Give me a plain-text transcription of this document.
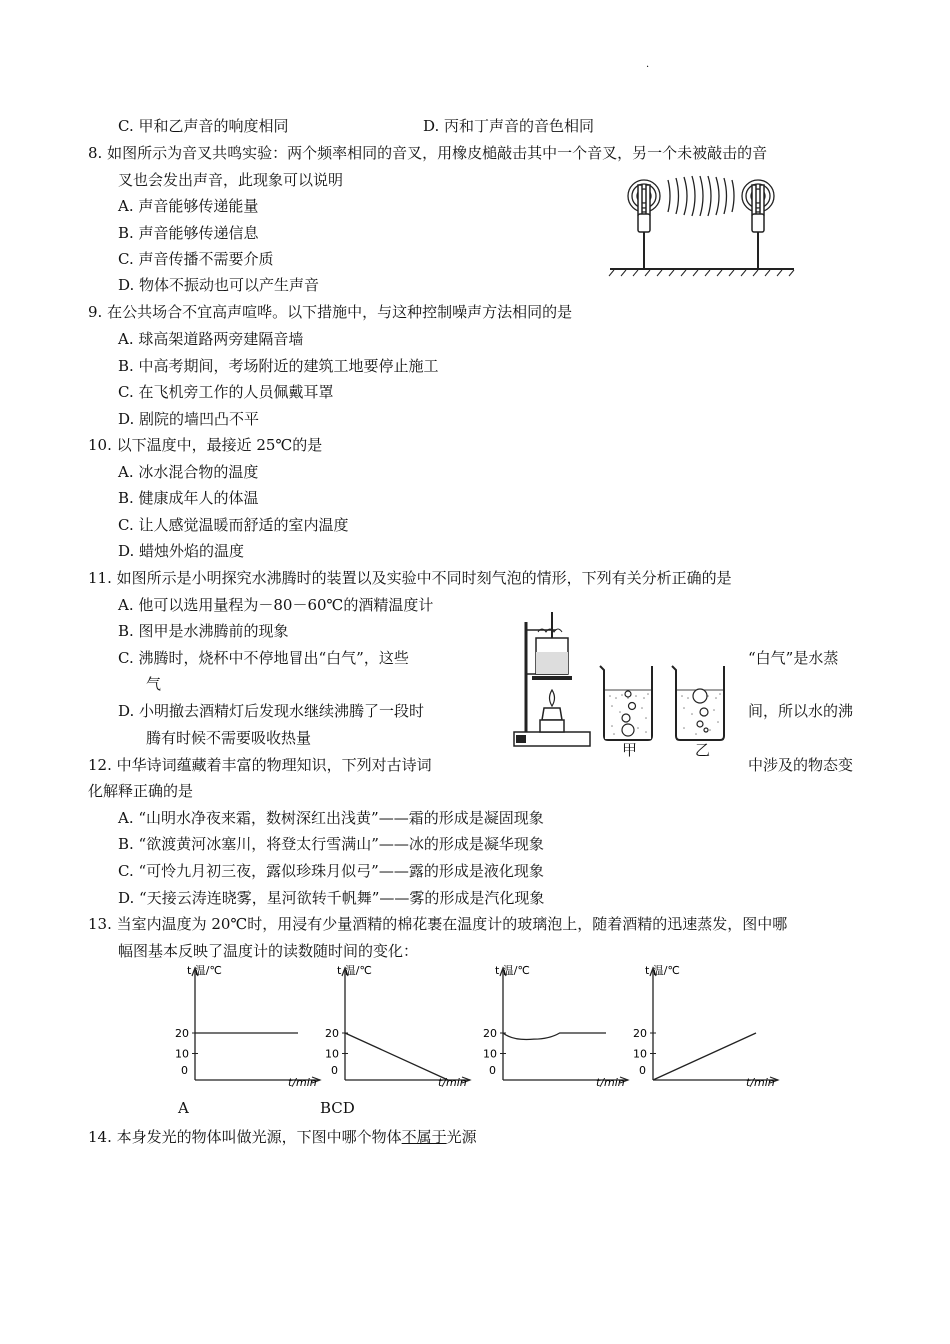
·
C. 甲和乙声音的响度相同	D. 丙和丁声音的音色相同
8. 如图所示为音叉共鸣实验：两个频率相同的音叉，用橡皮槌敲击其中一个音叉，另一个未被敲击的音
叉也会发出声音，此现象可以说明
A. 声音能够传递能量
B. 声音能够传递信息
C. 声音传播不需要介质
D. 物体不振动也可以产生声音
9. 在公共场合不宜高声喧哗。以下措施中，与这种控制噪声方法相同的是
A. 球高架道路两旁建隔音墙
B. 中高考期间，考场附近的建筑工地要停止施工
C. 在飞机旁工作的人员佩戴耳罩
D. 剧院的墙凹凸不平
10. 以下温度中，最接近 25℃的是
A. 冰水混合物的温度
B. 健康成年人的体温
C. 让人感觉温暖而舒适的室内温度
D. 蜡烛外焰的温度
11. 如图所示是小明探究水沸腾时的装置以及实验中不同时刻气泡的情形，下列有关分析正确的是
A. 他可以选用量程为－80－60℃的酒精温度计
B. 图甲是水沸腾前的现象
C. 沸腾时，烧杯中不停地冒出“白气”，这些	“白气”是水蒸
气
D. 小明撤去酒精灯后发现水继续沸腾了一段时	间，所以水的沸
腾有时候不需要吸收热量
甲	乙
12. 中华诗词蕴藏着丰富的物理知识，下列对古诗词	中涉及的物态变
化解释正确的是
A. “山明水净夜来霜，数树深红出浅黄”——霜的形成是凝固现象
B. “欲渡黄河冰塞川，将登太行雪满山”——冰的形成是凝华现象
C. “可怜九月初三夜，露似珍珠月似弓”——露的形成是液化现象
D. “天接云涛连晓雾，星河欲转千帆舞”——雾的形成是汽化现象
13. 当室内温度为 20℃时，用浸有少量酒精的棉花裹在温度计的玻璃泡上，随着酒精的迅速蒸发，图中哪
幅图基本反映了温度计的读数随时间的变化：
t 温/℃
t/min
20
10
0
t 温/℃
t/min
20
10
0
t 温/℃
t/min
20
10
0
t 温/℃
t/min
20
10
0
A	BCD
14. 本身发光的物体叫做光源，下图中哪个物体不属于光源
